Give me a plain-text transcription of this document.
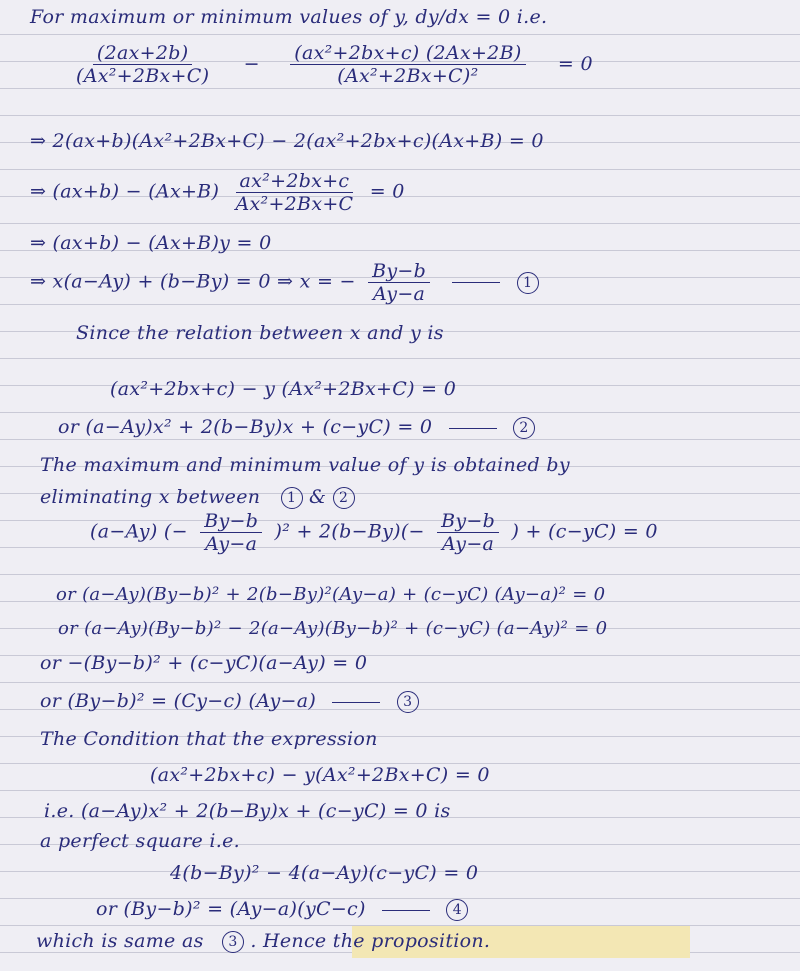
For maximum or minimum values of y, dy/dx = 0 i.e.
$\frac{(2ax+2b)}{\text{(Ax²+2Bx+C)}} - \frac{\text{(ax²+2bx+c) (2Ax+2B)}}{\text{(Ax²+2Bx+C)²}} = 0$
⇒ 2(ax+b)(Ax²+2Bx+C) − 2(ax²+2bx+c)(Ax+B) = 0
⇒ $(ax+b) - (Ax+B) \frac{\text{ax²+2bx+c}}{\text{Ax²+2Bx+C}} = 0$
⇒ (ax+b) − (Ax+B)y = 0
⇒ x(a−Ay) + (b−By) = 0 ⇒ x = − $\frac{By-b}{Ay-a}$	1
Since the relation between x and y is
(ax²+2bx+c) − y (Ax²+2Bx+C) = 0
or (a−Ay)x² + 2(b−By)x + (c−yC) = 0	2
The maximum and minimum value of y is obtained by
eliminating x between 1 & 2
(a−Ay) (− $\frac{By-b}{Ay-a} )^2 + 2(b-By)(- \frac{By-b}{Ay-a}$ ) + (c−yC) = 0
or (a−Ay)(By−b)² + 2(b−By)²(Ay−a) + (c−yC) (Ay−a)² = 0
or (a−Ay)(By−b)² − 2(a−Ay)(By−b)² + (c−yC) (a−Ay)² = 0
or −(By−b)² + (c−yC)(a−Ay) = 0
or (By−b)² = (Cy−c) (Ay−a)	3
The Condition that the expression
(ax²+2bx+c) − y(Ax²+2Bx+C) = 0
i.e. (a−Ay)x² + 2(b−By)x + (c−yC) = 0 is
a perfect square i.e.
4(b−By)² − 4(a−Ay)(c−yC) = 0
or (By−b)² = (Ay−a)(yC−c)	4
which is same as 3 . Hence the proposition.
